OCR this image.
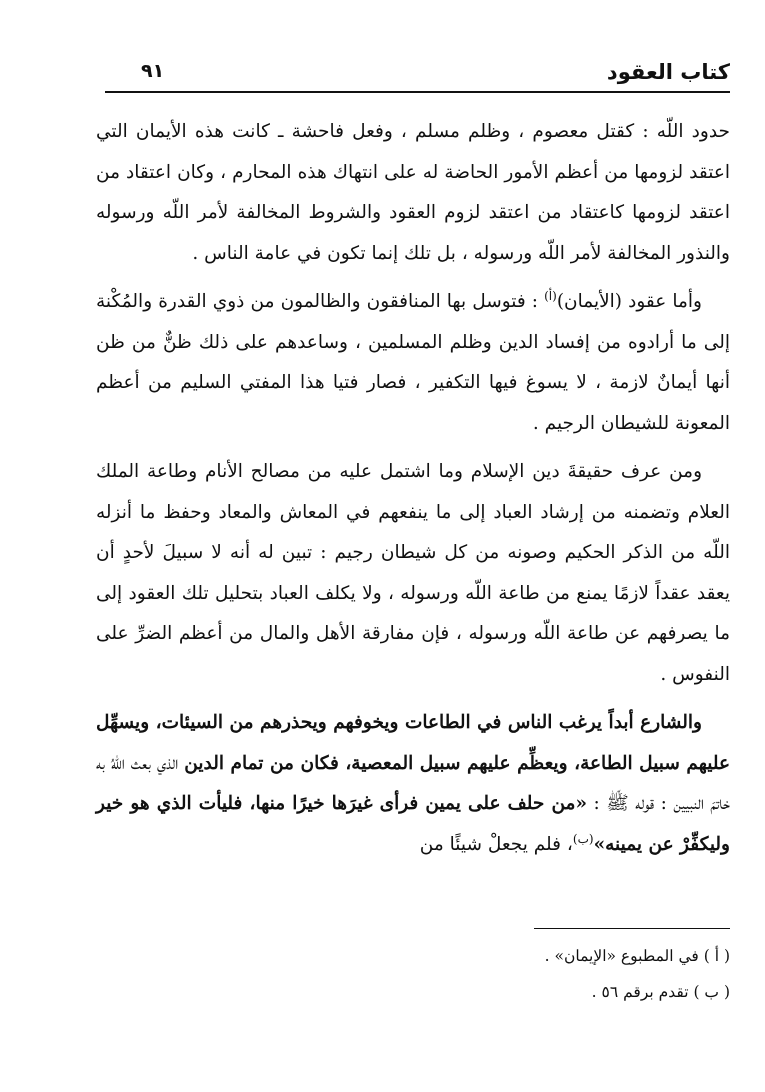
كتاب العقود
٩١

حدود اللّه : كقتل معصوم ، وظلم مسلم ، وفعل فاحشة ـ كانت هذه الأيمان التي اعتقد لزومها من أعظم الأمور الحاضة له على انتهاك هذه المحارم ، وكان اعتقاد من اعتقد لزومها كاعتقاد من اعتقد لزوم العقود والشروط المخالفة لأمر اللّه ورسوله والنذور المخالفة لأمر اللّه ورسوله ، بل تلك إنما تكون في عامة الناس .

وأما عقود (الأيمان)$^{(أ)}$ : فتوسل بها المنافقون والظالمون من ذوي القدرة والمُكْنة إلى ما أرادوه من إفساد الدين وظلم المسلمين ، وساعدهم على ذلك ظنٌّ من ظن أنها أيمانٌ لازمة ، لا يسوغ فيها التكفير ، فصار فتيا هذا المفتي السليم من أعظم المعونة للشيطان الرجيم .

ومن عرف حقيقةَ دين الإسلام وما اشتمل عليه من مصالح الأنام وطاعة الملك العلام وتضمنه من إرشاد العباد إلى ما ينفعهم في المعاش والمعاد وحفظ ما أنزله اللّه من الذكر الحكيم وصونه من كل شيطان رجيم : تبين له أنه لا سبيلَ لأحدٍ أن يعقد عقداً لازمًا يمنع من طاعة اللّه ورسوله ، ولا يكلف العباد بتحليل تلك العقود إلى ما يصرفهم عن طاعة اللّه ورسوله ، فإن مفارقة الأهل والمال من أعظم الضرِّ على النفوس .

والشارع أبداً يرغب الناس في الطاعات ويخوفهم ويحذرهم من السيئات، ويسهِّل عليهم سبيل الطاعة، ويعظِّم عليهم سبيل المعصية، فكان من تمام الدين الذي بعث اللّهُ به خاتمَ النبيين : قوله ﷺ : «من حلف على يمين فرأى غيرَها خيرًا منها، فليأت الذي هو خير وليكفِّرْ عن يمينه»$^{(ب)}$، فلم يجعلْ شيئًا من

( أ ) في المطبوع «الإيمان» .
( ب ) تقدم برقم ٥٦ .
